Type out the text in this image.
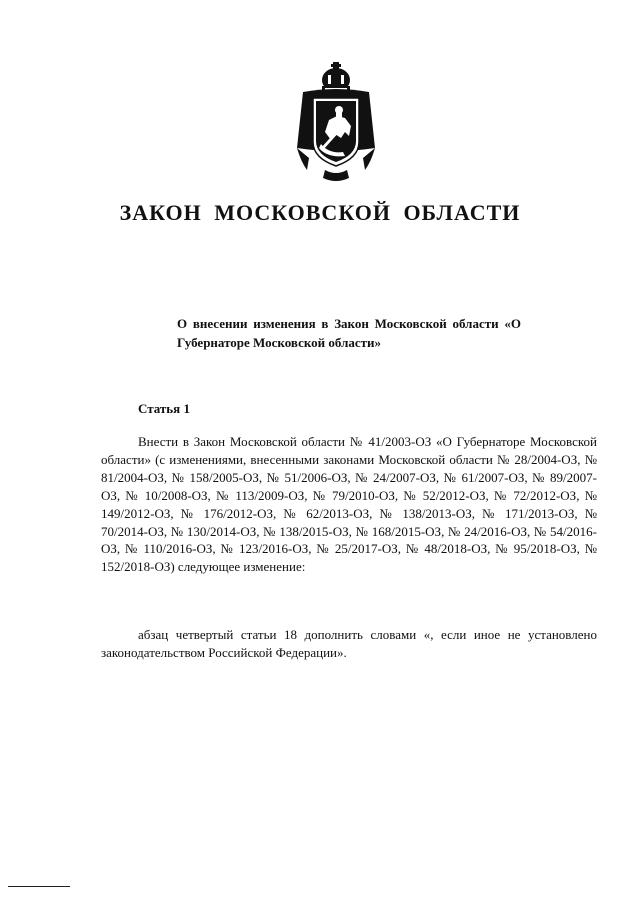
ЗАКОН МОСКОВСКОЙ ОБЛАСТИ
О внесении изменения в Закон Московской области «О Губернаторе Московской области»
Статья 1
Внести в Закон Московской области № 41/2003-ОЗ «О Губернаторе Московской области» (с изменениями, внесенными законами Московской области № 28/2004-ОЗ, № 81/2004-ОЗ, № 158/2005-ОЗ, № 51/2006-ОЗ, № 24/2007-ОЗ, № 61/2007-ОЗ, № 89/2007-ОЗ, № 10/2008-ОЗ, № 113/2009-ОЗ, № 79/2010-ОЗ, № 52/2012-ОЗ, № 72/2012-ОЗ, № 149/2012-ОЗ, № 176/2012-ОЗ, № 62/2013-ОЗ, № 138/2013-ОЗ, № 171/2013-ОЗ, № 70/2014-ОЗ, № 130/2014-ОЗ, № 138/2015-ОЗ, № 168/2015-ОЗ, № 24/2016-ОЗ, № 54/2016-ОЗ, № 110/2016-ОЗ, № 123/2016-ОЗ, № 25/2017-ОЗ, № 48/2018-ОЗ, № 95/2018-ОЗ, № 152/2018-ОЗ) следующее изменение:
абзац четвертый статьи 18 дополнить словами «, если иное не установлено законодательством Российской Федерации».
